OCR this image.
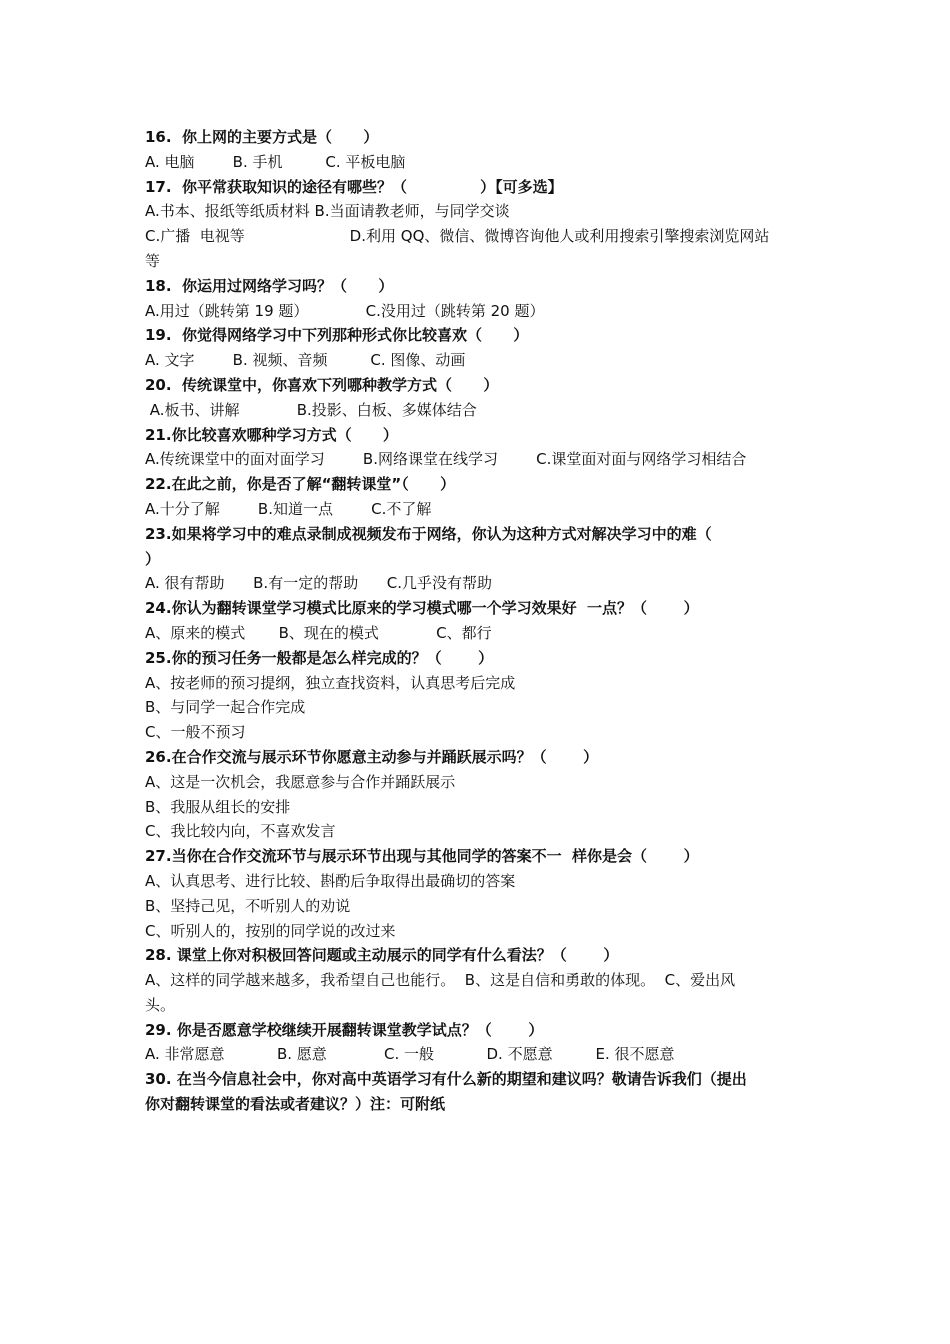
16.  你上网的主要方式是（      ）
A. 电脑        B. 手机         C. 平板电脑
17.  你平常获取知识的途径有哪些？（              ）【可多选】
A.书本、报纸等纸质材料 B.当面请教老师，与同学交谈
C.广播  电视等                      D.利用 QQ、微信、微博咨询他人或利用搜索引擎搜索浏览网站
等
18.  你运用过网络学习吗？（      ）
A.用过（跳转第 19 题）            C.没用过（跳转第 20 题）
19.  你觉得网络学习中下列那种形式你比较喜欢（      ）
A. 文字        B. 视频、音频         C. 图像、动画
20.  传统课堂中，你喜欢下列哪种教学方式（      ）
A.板书、讲解            B.投影、白板、多媒体结合
21.你比较喜欢哪种学习方式（      ）
A.传统课堂中的面对面学习        B.网络课堂在线学习        C.课堂面对面与网络学习相结合
22.在此之前，你是否了解“翻转课堂”（      ）
A.十分了解        B.知道一点        C.不了解
23.如果将学习中的难点录制成视频发布于网络，你认为这种方式对解决学习中的难（
）
A. 很有帮助      B.有一定的帮助      C.几乎没有帮助
24.你认为翻转课堂学习模式比原来的学习模式哪一个学习效果好  一点？（       ）
A、原来的模式       B、现在的模式            C、都行
25.你的预习任务一般都是怎么样完成的？（       ）
A、按老师的预习提纲，独立查找资料，认真思考后完成
B、与同学一起合作完成
C、一般不预习
26.在合作交流与展示环节你愿意主动参与并踊跃展示吗？（       ）
A、这是一次机会，我愿意参与合作并踊跃展示
B、我服从组长的安排
C、我比较内向，不喜欢发言
27.当你在合作交流环节与展示环节出现与其他同学的答案不一  样你是会（       ）
A、认真思考、进行比较、斟酌后争取得出最确切的答案
B、坚持己见，不听别人的劝说
C、听别人的，按别的同学说的改过来
28. 课堂上你对积极回答问题或主动展示的同学有什么看法？（       ）
A、这样的同学越来越多，我希望自己也能行。  B、这是自信和勇敢的体现。  C、爱出风
头。
29. 你是否愿意学校继续开展翻转课堂教学试点？（       ）
A. 非常愿意           B. 愿意            C. 一般           D. 不愿意         E. 很不愿意
30. 在当今信息社会中，你对高中英语学习有什么新的期望和建议吗？敬请告诉我们（提出
你对翻转课堂的看法或者建议？）注：可附纸
